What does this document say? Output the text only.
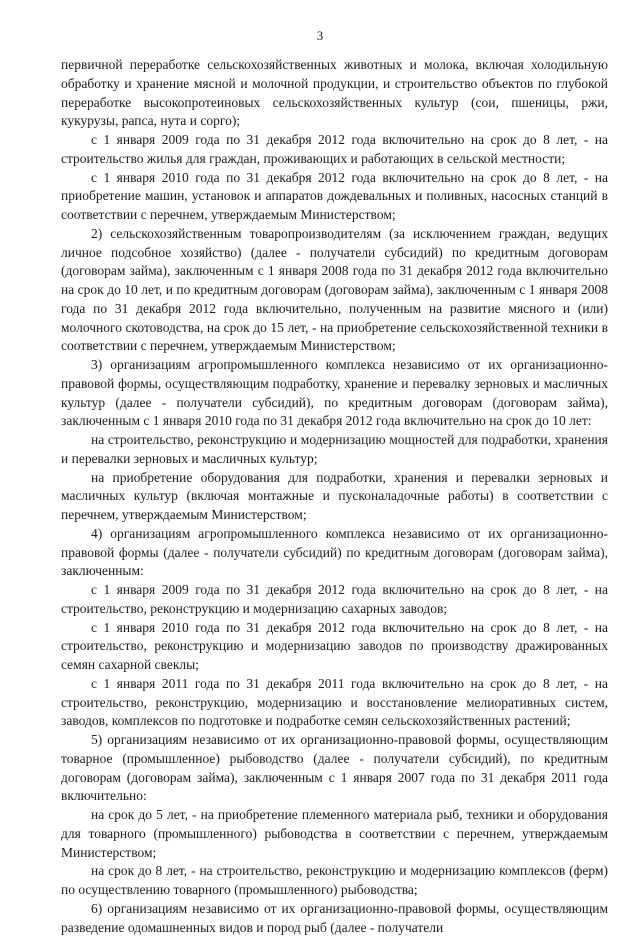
3

первичной переработке сельскохозяйственных животных и молока, включая холодильную обработку и хранение мясной и молочной продукции, и строительство объектов по глубокой переработке высокопротеиновых сельскохозяйственных культур (сои, пшеницы, ржи, кукурузы, рапса, нута и сорго);

с 1 января 2009 года по 31 декабря 2012 года включительно на срок до 8 лет, - на строительство жилья для граждан, проживающих и работающих в сельской местности;

с 1 января 2010 года по 31 декабря 2012 года включительно на срок до 8 лет, - на приобретение машин, установок и аппаратов дождевальных и поливных, насосных станций в соответствии с перечнем, утверждаемым Министерством;

2) сельскохозяйственным товаропроизводителям (за исключением граждан, ведущих личное подсобное хозяйство) (далее - получатели субсидий) по кредитным договорам (договорам займа), заключенным с 1 января 2008 года по 31 декабря 2012 года включительно на срок до 10 лет, и по кредитным договорам (договорам займа), заключенным с 1 января 2008 года по 31 декабря 2012 года включительно, полученным на развитие мясного и (или) молочного скотоводства, на срок до 15 лет, - на приобретение сельскохозяйственной техники в соответствии с перечнем, утверждаемым Министерством;

3) организациям агропромышленного комплекса независимо от их организационно-правовой формы, осуществляющим подработку, хранение и перевалку зерновых и масличных культур (далее - получатели субсидий), по кредитным договорам (договорам займа), заключенным с 1 января 2010 года по 31 декабря 2012 года включительно на срок до 10 лет:

на строительство, реконструкцию и модернизацию мощностей для подработки, хранения и перевалки зерновых и масличных культур;

на приобретение оборудования для подработки, хранения и перевалки зерновых и масличных культур (включая монтажные и пусконаладочные работы) в соответствии с перечнем, утверждаемым Министерством;

4) организациям агропромышленного комплекса независимо от их организационно-правовой формы (далее - получатели субсидий) по кредитным договорам (договорам займа), заключенным:

с 1 января 2009 года по 31 декабря 2012 года включительно на срок до 8 лет, - на строительство, реконструкцию и модернизацию сахарных заводов;

с 1 января 2010 года по 31 декабря 2012 года включительно на срок до 8 лет, - на строительство, реконструкцию и модернизацию заводов по производству дражированных семян сахарной свеклы;

с 1 января 2011 года по 31 декабря 2011 года включительно на срок до 8 лет, - на строительство, реконструкцию, модернизацию и восстановление мелиоративных систем, заводов, комплексов по подготовке и подработке семян сельскохозяйственных растений;

5) организациям независимо от их организационно-правовой формы, осуществляющим товарное (промышленное) рыбоводство (далее - получатели субсидий), по кредитным договорам (договорам займа), заключенным с 1 января 2007 года по 31 декабря 2011 года включительно:

на срок до 5 лет, - на приобретение племенного материала рыб, техники и оборудования для товарного (промышленного) рыбоводства в соответствии с перечнем, утверждаемым Министерством;

на срок до 8 лет, - на строительство, реконструкцию и модернизацию комплексов (ферм) по осуществлению товарного (промышленного) рыбоводства;

6) организациям независимо от их организационно-правовой формы, осуществляющим разведение одомашненных видов и пород рыб (далее - получатели
